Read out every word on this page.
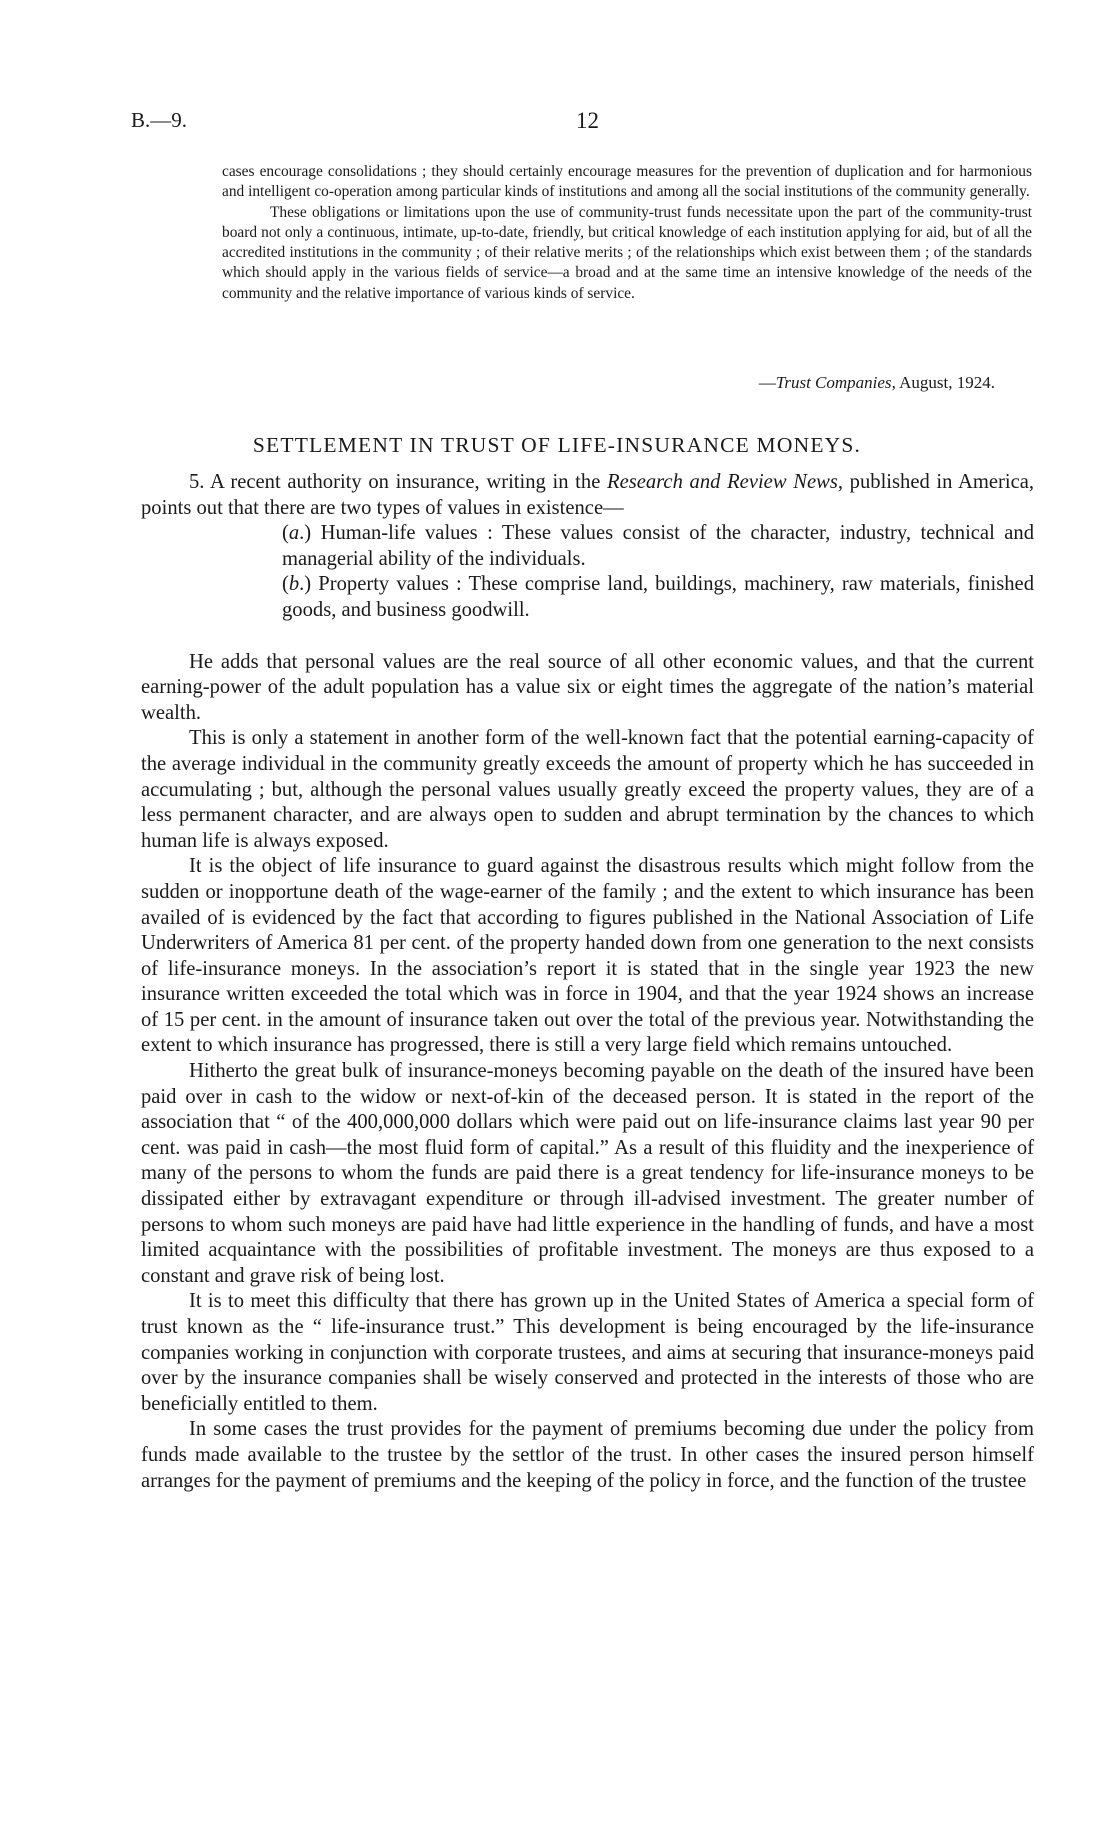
B.—9.	12

cases encourage consolidations ; they should certainly encourage measures for the prevention of duplication and for harmonious and intelligent co-operation among particular kinds of institutions and among all the social institutions of the community generally.

These obligations or limitations upon the use of community-trust funds necessitate upon the part of the community-trust board not only a continuous, intimate, up-to-date, friendly, but critical knowledge of each institution applying for aid, but of all the accredited institutions in the community ; of their relative merits ; of the relationships which exist between them ; of the standards which should apply in the various fields of service—a broad and at the same time an intensive knowledge of the needs of the community and the relative importance of various kinds of service.

—Trust Companies, August, 1924.
SETTLEMENT IN TRUST OF LIFE-INSURANCE MONEYS.

5. A recent authority on insurance, writing in the Research and Review News, published in America, points out that there are two types of values in existence—

(a.) Human-life values : These values consist of the character, industry, technical and managerial ability of the individuals.

(b.) Property values : These comprise land, buildings, machinery, raw materials, finished goods, and business goodwill.

He adds that personal values are the real source of all other economic values, and that the current earning-power of the adult population has a value six or eight times the aggregate of the nation’s material wealth.

This is only a statement in another form of the well-known fact that the potential earning-capacity of the average individual in the community greatly exceeds the amount of property which he has succeeded in accumulating ; but, although the personal values usually greatly exceed the property values, they are of a less permanent character, and are always open to sudden and abrupt termination by the chances to which human life is always exposed.

It is the object of life insurance to guard against the disastrous results which might follow from the sudden or inopportune death of the wage-earner of the family ; and the extent to which insurance has been availed of is evidenced by the fact that according to figures published in the National Association of Life Underwriters of America 81 per cent. of the property handed down from one generation to the next consists of life-insurance moneys. In the association’s report it is stated that in the single year 1923 the new insurance written exceeded the total which was in force in 1904, and that the year 1924 shows an increase of 15 per cent. in the amount of insurance taken out over the total of the previous year. Notwithstanding the extent to which insurance has progressed, there is still a very large field which remains untouched.

Hitherto the great bulk of insurance-moneys becoming payable on the death of the insured have been paid over in cash to the widow or next-of-kin of the deceased person. It is stated in the report of the association that “ of the 400,000,000 dollars which were paid out on life-insurance claims last year 90 per cent. was paid in cash—the most fluid form of capital.” As a result of this fluidity and the inexperience of many of the persons to whom the funds are paid there is a great tendency for life-insurance moneys to be dissipated either by extravagant expenditure or through ill-advised investment. The greater number of persons to whom such moneys are paid have had little experience in the handling of funds, and have a most limited acquaintance with the possibilities of profitable investment. The moneys are thus exposed to a constant and grave risk of being lost.

It is to meet this difficulty that there has grown up in the United States of America a special form of trust known as the “ life-insurance trust.” This development is being encouraged by the life-insurance companies working in conjunction with corporate trustees, and aims at securing that insurance-moneys paid over by the insurance companies shall be wisely conserved and protected in the interests of those who are beneficially entitled to them.

In some cases the trust provides for the payment of premiums becoming due under the policy from funds made available to the trustee by the settlor of the trust. In other cases the insured person himself arranges for the payment of premiums and the keeping of the policy in force, and the function of the trustee
